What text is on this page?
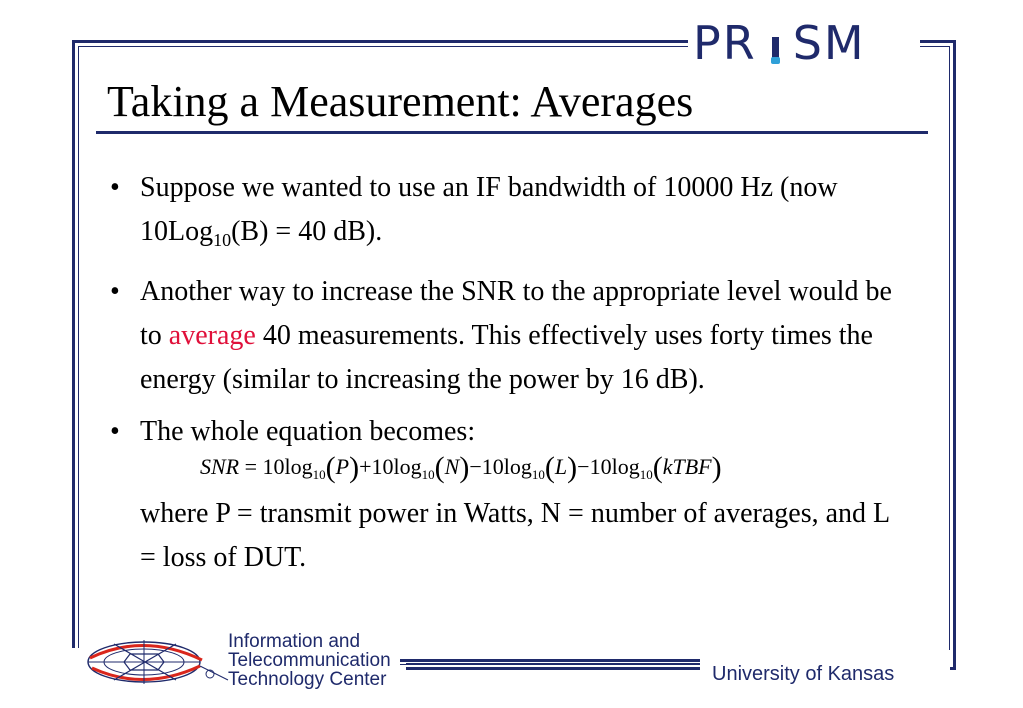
P R S M
Taking a Measurement: Averages
• Suppose we wanted to use an IF bandwidth of 10000 Hz (now 10Log$_{10}$(B) = 40 dB).
• Another way to increase the SNR to the appropriate level would be to average 40 measurements. This effectively uses forty times the energy (similar to increasing the power by 16 dB).
• The whole equation becomes:
SNR = $10\log_{10}(P)+10\log_{10}(N)-10\log_{10}(L)-10\log_{10}(kTBF)$
where P = transmit power in Watts, N = number of averages, and L = loss of DUT.
Information and
Telecommunication
Technology Center	University of Kansas
